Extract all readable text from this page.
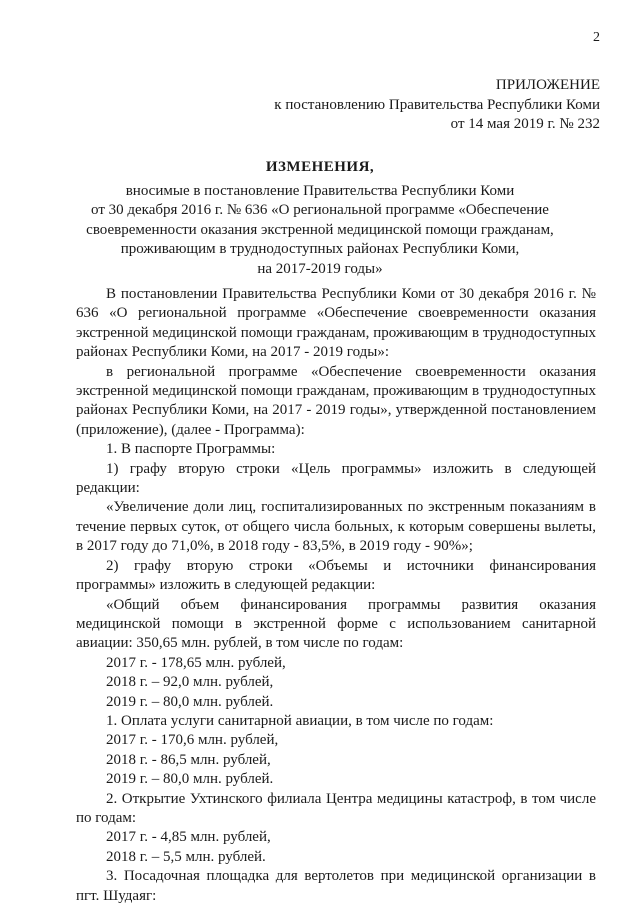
2
ПРИЛОЖЕНИЕ
к постановлению Правительства Республики Коми
от 14 мая 2019 г. № 232
ИЗМЕНЕНИЯ,
вносимые в постановление Правительства Республики Коми
от 30 декабря 2016 г. № 636 «О региональной программе «Обеспечение
своевременности оказания экстренной медицинской помощи гражданам,
проживающим в труднодоступных районах Республики Коми,
на 2017-2019 годы»

В постановлении Правительства Республики Коми от 30 декабря 2016 г. № 636 «О региональной программе «Обеспечение своевременности оказания экстренной медицинской помощи гражданам, проживающим в труднодоступных районах Республики Коми, на 2017 - 2019 годы»:

в региональной программе «Обеспечение своевременности оказания экстренной медицинской помощи гражданам, проживающим в труднодоступных районах Республики Коми, на 2017 - 2019 годы», утвержденной постановлением (приложение), (далее - Программа):

1. В паспорте Программы:

1) графу вторую строки «Цель программы» изложить в следующей редакции:

«Увеличение доли лиц, госпитализированных по экстренным показаниям в течение первых суток, от общего числа больных, к которым совершены вылеты, в 2017 году до 71,0%, в 2018 году - 83,5%, в 2019 году - 90%»;

2) графу вторую строки «Объемы и источники финансирования программы» изложить в следующей редакции:

«Общий объем финансирования программы развития оказания медицинской помощи в экстренной форме с использованием санитарной авиации: 350,65 млн. рублей, в том числе по годам:

2017 г. - 178,65 млн. рублей,

2018 г. – 92,0 млн. рублей,

2019 г. – 80,0 млн. рублей.

1. Оплата услуги санитарной авиации, в том числе по годам:

2017 г. - 170,6 млн. рублей,

2018 г. - 86,5 млн. рублей,

2019 г. – 80,0 млн. рублей.

2. Открытие Ухтинского филиала Центра медицины катастроф, в том числе по годам:

2017 г. - 4,85 млн. рублей,

2018 г. – 5,5 млн. рублей.

3. Посадочная площадка для вертолетов при медицинской организации в пгт. Шудаяг:
